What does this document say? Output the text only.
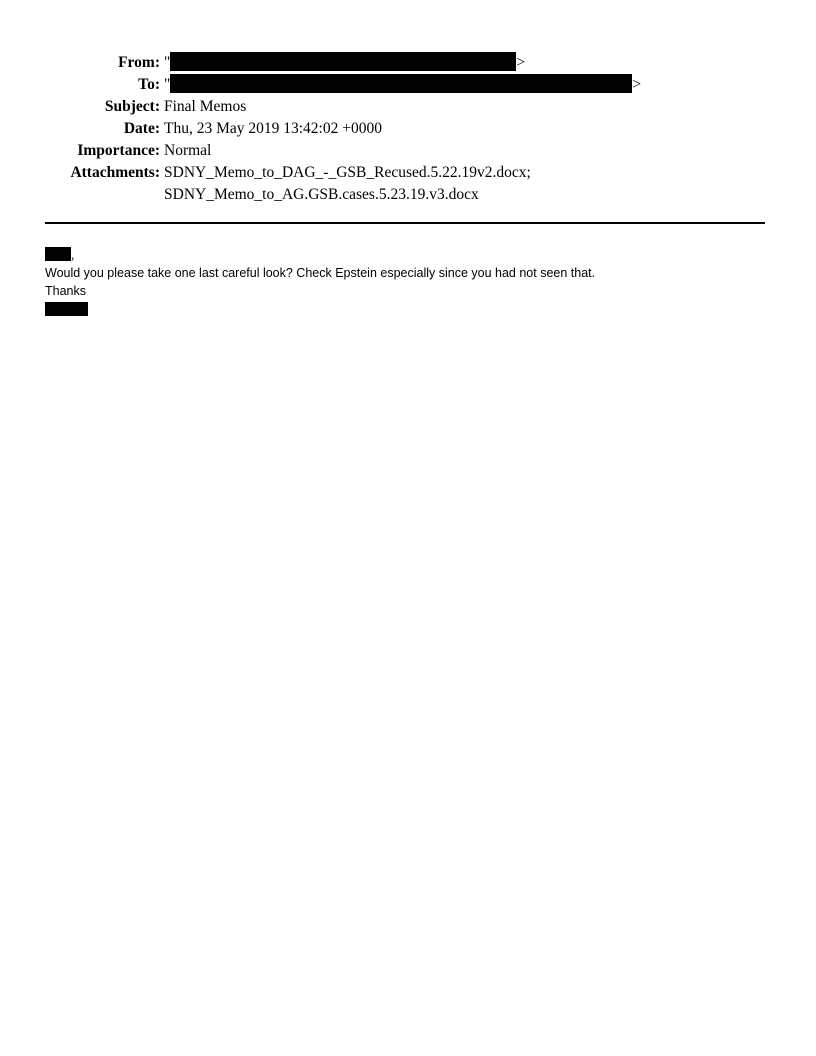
From: "	>
To: "	>
Subject: Final Memos
Date: Thu, 23 May 2019 13:42:02 +0000
Importance: Normal
Attachments: SDNY_Memo_to_DAG_-_GSB_Recused.5.22.19v2.docx;
SDNY_Memo_to_AG.GSB.cases.5.23.19.v3.docx
,
Would you please take one last careful look? Check Epstein especially since you had not seen that.
Thanks
